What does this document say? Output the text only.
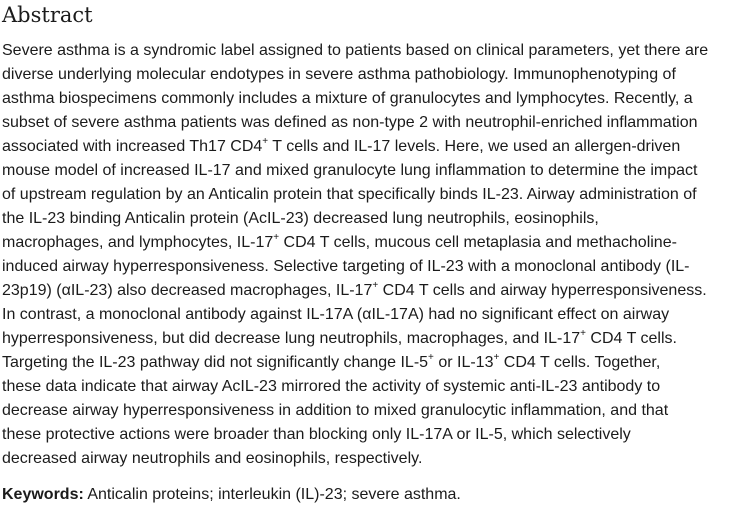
Abstract
Severe asthma is a syndromic label assigned to patients based on clinical parameters, yet there are
diverse underlying molecular endotypes in severe asthma pathobiology. Immunophenotyping of
asthma biospecimens commonly includes a mixture of granulocytes and lymphocytes. Recently, a
subset of severe asthma patients was defined as non-type 2 with neutrophil-enriched inflammation
associated with increased Th17 CD4+ T cells and IL-17 levels. Here, we used an allergen-driven
mouse model of increased IL-17 and mixed granulocyte lung inflammation to determine the impact
of upstream regulation by an Anticalin protein that specifically binds IL-23. Airway administration of
the IL-23 binding Anticalin protein (AcIL-23) decreased lung neutrophils, eosinophils,
macrophages, and lymphocytes, IL-17+ CD4 T cells, mucous cell metaplasia and methacholine-
induced airway hyperresponsiveness. Selective targeting of IL-23 with a monoclonal antibody (IL-
23p19) (αIL-23) also decreased macrophages, IL-17+ CD4 T cells and airway hyperresponsiveness.
In contrast, a monoclonal antibody against IL-17A (αIL-17A) had no significant effect on airway
hyperresponsiveness, but did decrease lung neutrophils, macrophages, and IL-17+ CD4 T cells.
Targeting the IL-23 pathway did not significantly change IL-5+ or IL-13+ CD4 T cells. Together,
these data indicate that airway AcIL-23 mirrored the activity of systemic anti-IL-23 antibody to
decrease airway hyperresponsiveness in addition to mixed granulocytic inflammation, and that
these protective actions were broader than blocking only IL-17A or IL-5, which selectively
decreased airway neutrophils and eosinophils, respectively.
Keywords: Anticalin proteins; interleukin (IL)-23; severe asthma.
